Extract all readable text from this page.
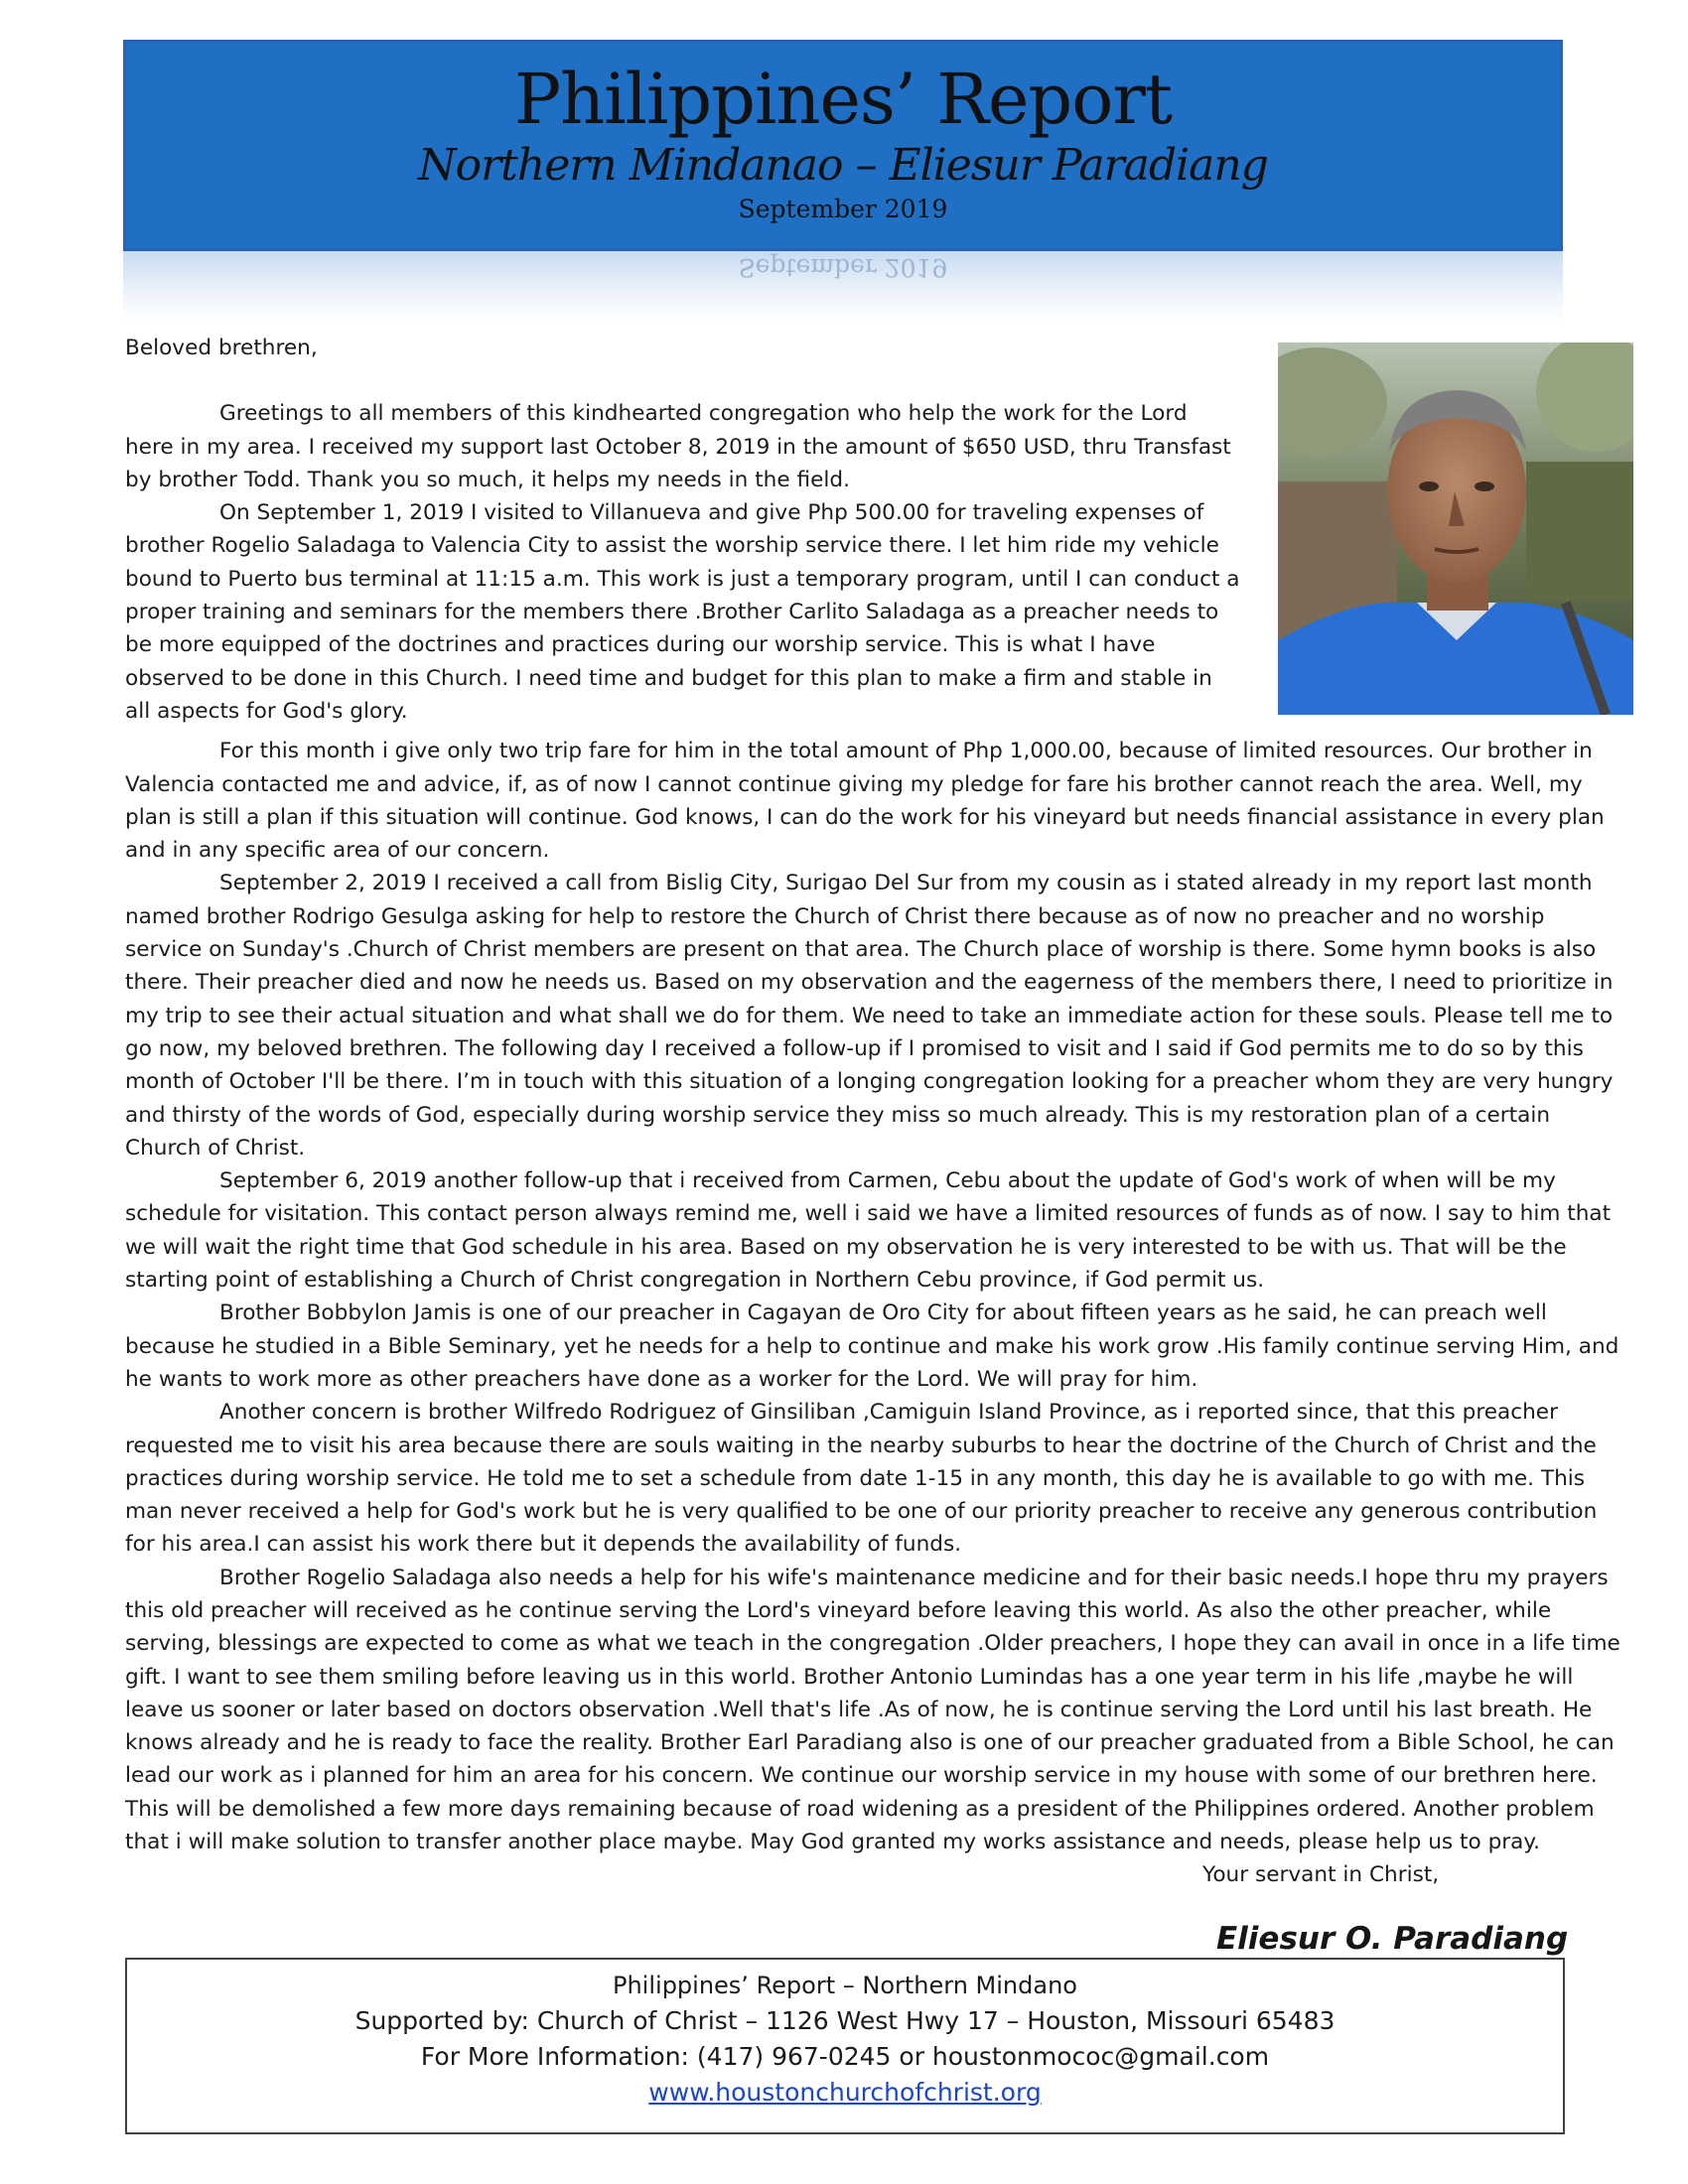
Philippines’ Report
Northern Mindanao – Eliesur Paradiang
September 2019
September 2019

Beloved brethren,

Greetings to all members of this kindhearted congregation who help the work for the Lord here in my area. I received my support last October 8, 2019 in the amount of $650 USD, thru Transfast by brother Todd. Thank you so much, it helps my needs in the field.

On September 1, 2019 I visited to Villanueva and give Php 500.00 for traveling expenses of brother Rogelio Saladaga to Valencia City to assist the worship service there. I let him ride my vehicle bound to Puerto bus terminal at 11:15 a.m. This work is just a temporary program, until I can conduct a proper training and seminars for the members there .Brother Carlito Saladaga as a preacher needs to be more equipped of the doctrines and practices during our worship service. This is what I have observed to be done in this Church. I need time and budget for this plan to make a firm and stable in all aspects for God's glory.

For this month i give only two trip fare for him in the total amount of Php 1,000.00, because of limited resources. Our brother in Valencia contacted me and advice, if, as of now I cannot continue giving my pledge for fare his brother cannot reach the area. Well, my plan is still a plan if this situation will continue. God knows, I can do the work for his vineyard but needs financial assistance in every plan and in any specific area of our concern.

September 2, 2019 I received a call from Bislig City, Surigao Del Sur from my cousin as i stated already in my report last month named brother Rodrigo Gesulga asking for help to restore the Church of Christ there because as of now no preacher and no worship service on Sunday's .Church of Christ members are present on that area. The Church place of worship is there. Some hymn books is also there. Their preacher died and now he needs us. Based on my observation and the eagerness of the members there, I need to prioritize in my trip to see their actual situation and what shall we do for them. We need to take an immediate action for these souls. Please tell me to go now, my beloved brethren. The following day I received a follow-up if I promised to visit and I said if God permits me to do so by this month of October I'll be there. I’m in touch with this situation of a longing congregation looking for a preacher whom they are very hungry and thirsty of the words of God, especially during worship service they miss so much already. This is my restoration plan of a certain Church of Christ.

September 6, 2019 another follow-up that i received from Carmen, Cebu about the update of God's work of when will be my schedule for visitation. This contact person always remind me, well i said we have a limited resources of funds as of now. I say to him that we will wait the right time that God schedule in his area. Based on my observation he is very interested to be with us. That will be the starting point of establishing a Church of Christ congregation in Northern Cebu province, if God permit us.

Brother Bobbylon Jamis is one of our preacher in Cagayan de Oro City for about fifteen years as he said, he can preach well because he studied in a Bible Seminary, yet he needs for a help to continue and make his work grow .His family continue serving Him, and he wants to work more as other preachers have done as a worker for the Lord. We will pray for him.

Another concern is brother Wilfredo Rodriguez of Ginsiliban ,Camiguin Island Province, as i reported since, that this preacher requested me to visit his area because there are souls waiting in the nearby suburbs to hear the doctrine of the Church of Christ and the practices during worship service. He told me to set a schedule from date 1-15 in any month, this day he is available to go with me. This man never received a help for God's work but he is very qualified to be one of our priority preacher to receive any generous contribution for his area.I can assist his work there but it depends the availability of funds.

Brother Rogelio Saladaga also needs a help for his wife's maintenance medicine and for their basic needs.I hope thru my prayers this old preacher will received as he continue serving the Lord's vineyard before leaving this world. As also the other preacher, while serving, blessings are expected to come as what we teach in the congregation .Older preachers, I hope they can avail in once in a life time gift. I want to see them smiling before leaving us in this world. Brother Antonio Lumindas has a one year term in his life ,maybe he will leave us sooner or later based on doctors observation .Well that's life .As of now, he is continue serving the Lord until his last breath. He knows already and he is ready to face the reality. Brother Earl Paradiang also is one of our preacher graduated from a Bible School, he can lead our work as i planned for him an area for his concern. We continue our worship service in my house with some of our brethren here. This will be demolished a few more days remaining because of road widening as a president of the Philippines ordered. Another problem that i will make solution to transfer another place maybe. May God granted my works assistance and needs, please help us to pray.

Your servant in Christ,
Eliesur O. Paradiang
Philippines’ Report – Northern Mindano
Supported by: Church of Christ – 1126 West Hwy 17 – Houston, Missouri 65483
For More Information: (417) 967-0245 or houstonmococ@gmail.com
www.houstonchurchofchrist.org
